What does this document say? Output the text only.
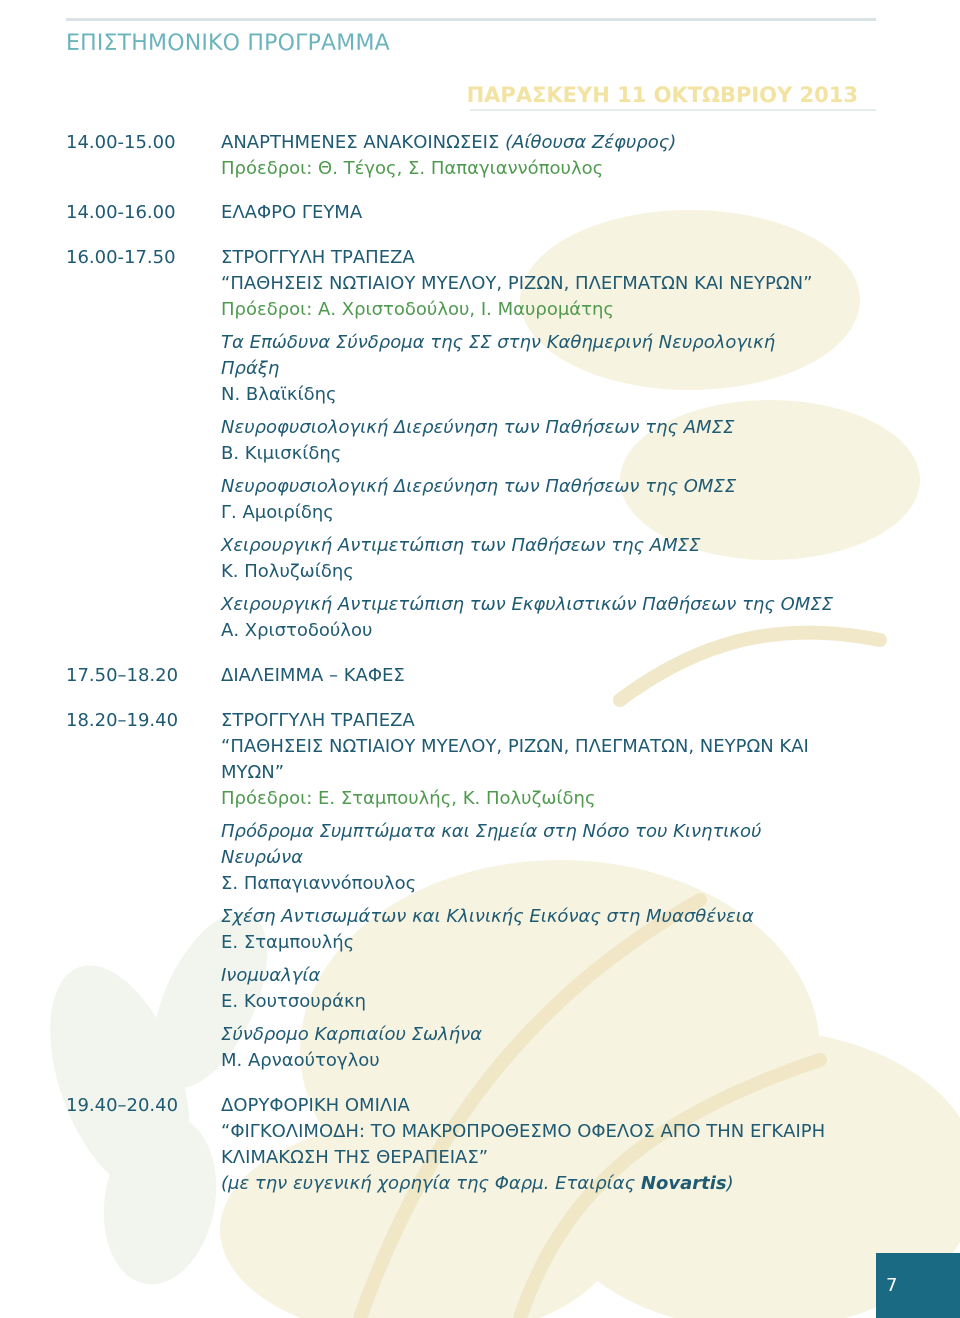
ΕΠΙΣΤΗΜΟΝΙΚΟ ΠΡΟΓΡΑΜΜΑ
ΠΑΡΑΣΚΕΥΗ 11 ΟΚΤΩΒΡΙΟΥ 2013
14.00-15.00	ΑΝΑΡΤΗΜΕΝΕΣ ΑΝΑΚΟΙΝΩΣΕΙΣ (Αίθουσα Ζέφυρος)
Πρόεδροι: Θ. Τέγος, Σ. Παπαγιαννόπουλος
14.00-16.00	ΕΛΑΦΡΟ ΓΕΥΜΑ
16.00-17.50	ΣΤΡΟΓΓΥΛΗ ΤΡΑΠΕΖΑ
“ΠΑΘΗΣΕΙΣ ΝΩΤΙΑΙΟΥ ΜΥΕΛΟΥ, ΡΙΖΩΝ, ΠΛΕΓΜΑΤΩΝ ΚΑΙ ΝΕΥΡΩΝ”
Πρόεδροι: Α. Χριστοδούλου, Ι. Μαυρομάτης
Τα Επώδυνα Σύνδρομα της ΣΣ στην Καθημερινή Νευρολογική
Πράξη
Ν. Βλαϊκίδης
Νευροφυσιολογική Διερεύνηση των Παθήσεων της ΑΜΣΣ
Β. Κιμισκίδης
Νευροφυσιολογική Διερεύνηση των Παθήσεων της ΟΜΣΣ
Γ. Αμοιρίδης
Χειρουργική Αντιμετώπιση των Παθήσεων της ΑΜΣΣ
Κ. Πολυζωίδης
Χειρουργική Αντιμετώπιση των Εκφυλιστικών Παθήσεων της ΟΜΣΣ
Α. Χριστοδούλου
17.50–18.20	ΔΙΑΛΕΙΜΜΑ – ΚΑΦΕΣ
18.20–19.40	ΣΤΡΟΓΓΥΛΗ ΤΡΑΠΕΖΑ
“ΠΑΘΗΣΕΙΣ ΝΩΤΙΑΙΟΥ ΜΥΕΛΟΥ, ΡΙΖΩΝ, ΠΛΕΓΜΑΤΩΝ, ΝΕΥΡΩΝ ΚΑΙ
ΜΥΩΝ”
Πρόεδροι: Ε. Σταμπουλής, Κ. Πολυζωίδης
Πρόδρομα Συμπτώματα και Σημεία στη Νόσο του Κινητικού
Νευρώνα
Σ. Παπαγιαννόπουλος
Σχέση Αντισωμάτων και Κλινικής Εικόνας στη Μυασθένεια
Ε. Σταμπουλής
Ινομυαλγία
Ε. Κουτσουράκη
Σύνδρομο Καρπιαίου Σωλήνα
Μ. Αρναούτογλου
19.40–20.40	ΔΟΡΥΦΟΡΙΚΗ ΟΜΙΛΙΑ
“ΦΙΓΚΟΛΙΜΟΔΗ: ΤΟ ΜΑΚΡΟΠΡΟΘΕΣΜΟ ΟΦΕΛΟΣ ΑΠΟ ΤΗΝ ΕΓΚΑΙΡΗ
ΚΛΙΜΑΚΩΣΗ ΤΗΣ ΘΕΡΑΠΕΙΑΣ”
(με την ευγενική χορηγία της Φαρμ. Εταιρίας Novartis)
7
